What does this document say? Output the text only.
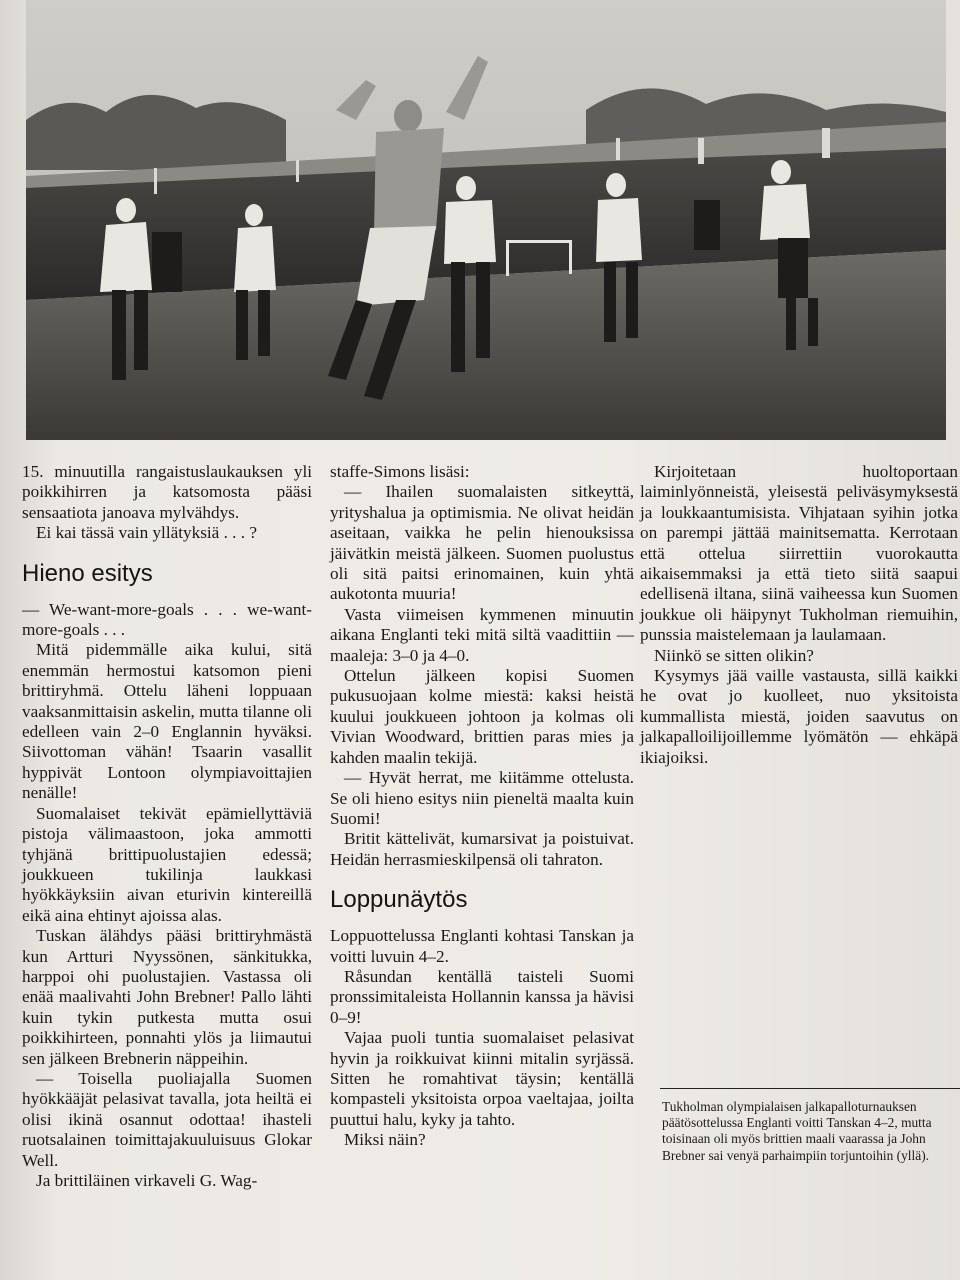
15. minuutilla rangaistuslaukauksen yli poikkihirren ja katsomosta pääsi sensaatiota janoava mylvähdys.

Ei kai tässä vain yllätyksiä . . . ?

Hieno esitys

— We-want-more-goals . . . we-want-more-goals . . .

Mitä pidemmälle aika kului, sitä enemmän hermostui katsomon pieni brittiryhmä. Ottelu läheni loppuaan vaaksanmittaisin askelin, mutta tilanne oli edelleen vain 2–0 Englannin hyväksi. Siivottoman vähän! Tsaarin vasallit hyppivät Lontoon olympiavoittajien nenälle!

Suomalaiset tekivät epämiellyttäviä pistoja välimaastoon, joka ammotti tyhjänä brittipuolustajien edessä; joukkueen tukilinja laukkasi hyökkäyksiin aivan eturivin kintereillä eikä aina ehtinyt ajoissa alas.

Tuskan älähdys pääsi brittiryhmästä kun Artturi Nyyssönen, sänkitukka, harppoi ohi puolustajien. Vastassa oli enää maalivahti John Brebner! Pallo lähti kuin tykin putkesta mutta osui poikkihirteen, ponnahti ylös ja liimautui sen jälkeen Brebnerin näppeihin.

— Toisella puoliajalla Suomen hyökkääjät pelasivat tavalla, jota heiltä ei olisi ikinä osannut odottaa! ihasteli ruotsalainen toimittajakuuluisuus Glokar Well.

Ja brittiläinen virkaveli G. Wag-

staffe-Simons lisäsi:

— Ihailen suomalaisten sitkeyttä, yrityshalua ja optimismia. Ne olivat heidän aseitaan, vaikka he pelin hienouksissa jäivätkin meistä jälkeen. Suomen puolustus oli sitä paitsi erinomainen, kuin yhtä aukotonta muuria!

Vasta viimeisen kymmenen minuutin aikana Englanti teki mitä siltä vaadittiin — maaleja: 3–0 ja 4–0.

Ottelun jälkeen kopisi Suomen pukusuojaan kolme miestä: kaksi heistä kuului joukkueen johtoon ja kolmas oli Vivian Woodward, brittien paras mies ja kahden maalin tekijä.

— Hyvät herrat, me kiitämme ottelusta. Se oli hieno esitys niin pieneltä maalta kuin Suomi!

Britit kättelivät, kumarsivat ja poistuivat. Heidän herrasmieskilpensä oli tahraton.

Loppunäytös

Loppuottelussa Englanti kohtasi Tanskan ja voitti luvuin 4–2.

Råsundan kentällä taisteli Suomi pronssimitaleista Hollannin kanssa ja hävisi 0–9!

Vajaa puoli tuntia suomalaiset pelasivat hyvin ja roikkuivat kiinni mitalin syrjässä. Sitten he romahtivat täysin; kentällä kompasteli yksitoista orpoa vaeltajaa, joilta puuttui halu, kyky ja tahto.

Miksi näin?

Kirjoitetaan huoltoportaan laiminlyönneistä, yleisestä peliväsymyksestä ja loukkaantumisista. Vihjataan syihin jotka on parempi jättää mainitsematta. Kerrotaan että ottelua siirrettiin vuorokautta aikaisemmaksi ja että tieto siitä saapui edellisenä iltana, siinä vaiheessa kun Suomen joukkue oli häipynyt Tukholman riemuihin, punssia maistelemaan ja laulamaan.

Niinkö se sitten olikin?

Kysymys jää vaille vastausta, sillä kaikki he ovat jo kuolleet, nuo yksitoista kummallista miestä, joiden saavutus on jalkapalloilijoillemme lyömätön — ehkäpä ikiajoiksi.

Tukholman olympialaisen jalkapalloturnauksen päätösottelussa Englanti voitti Tanskan 4–2, mutta toisinaan oli myös brittien maali vaarassa ja John Brebner sai venyä parhaimpiin torjuntoihin (yllä).
